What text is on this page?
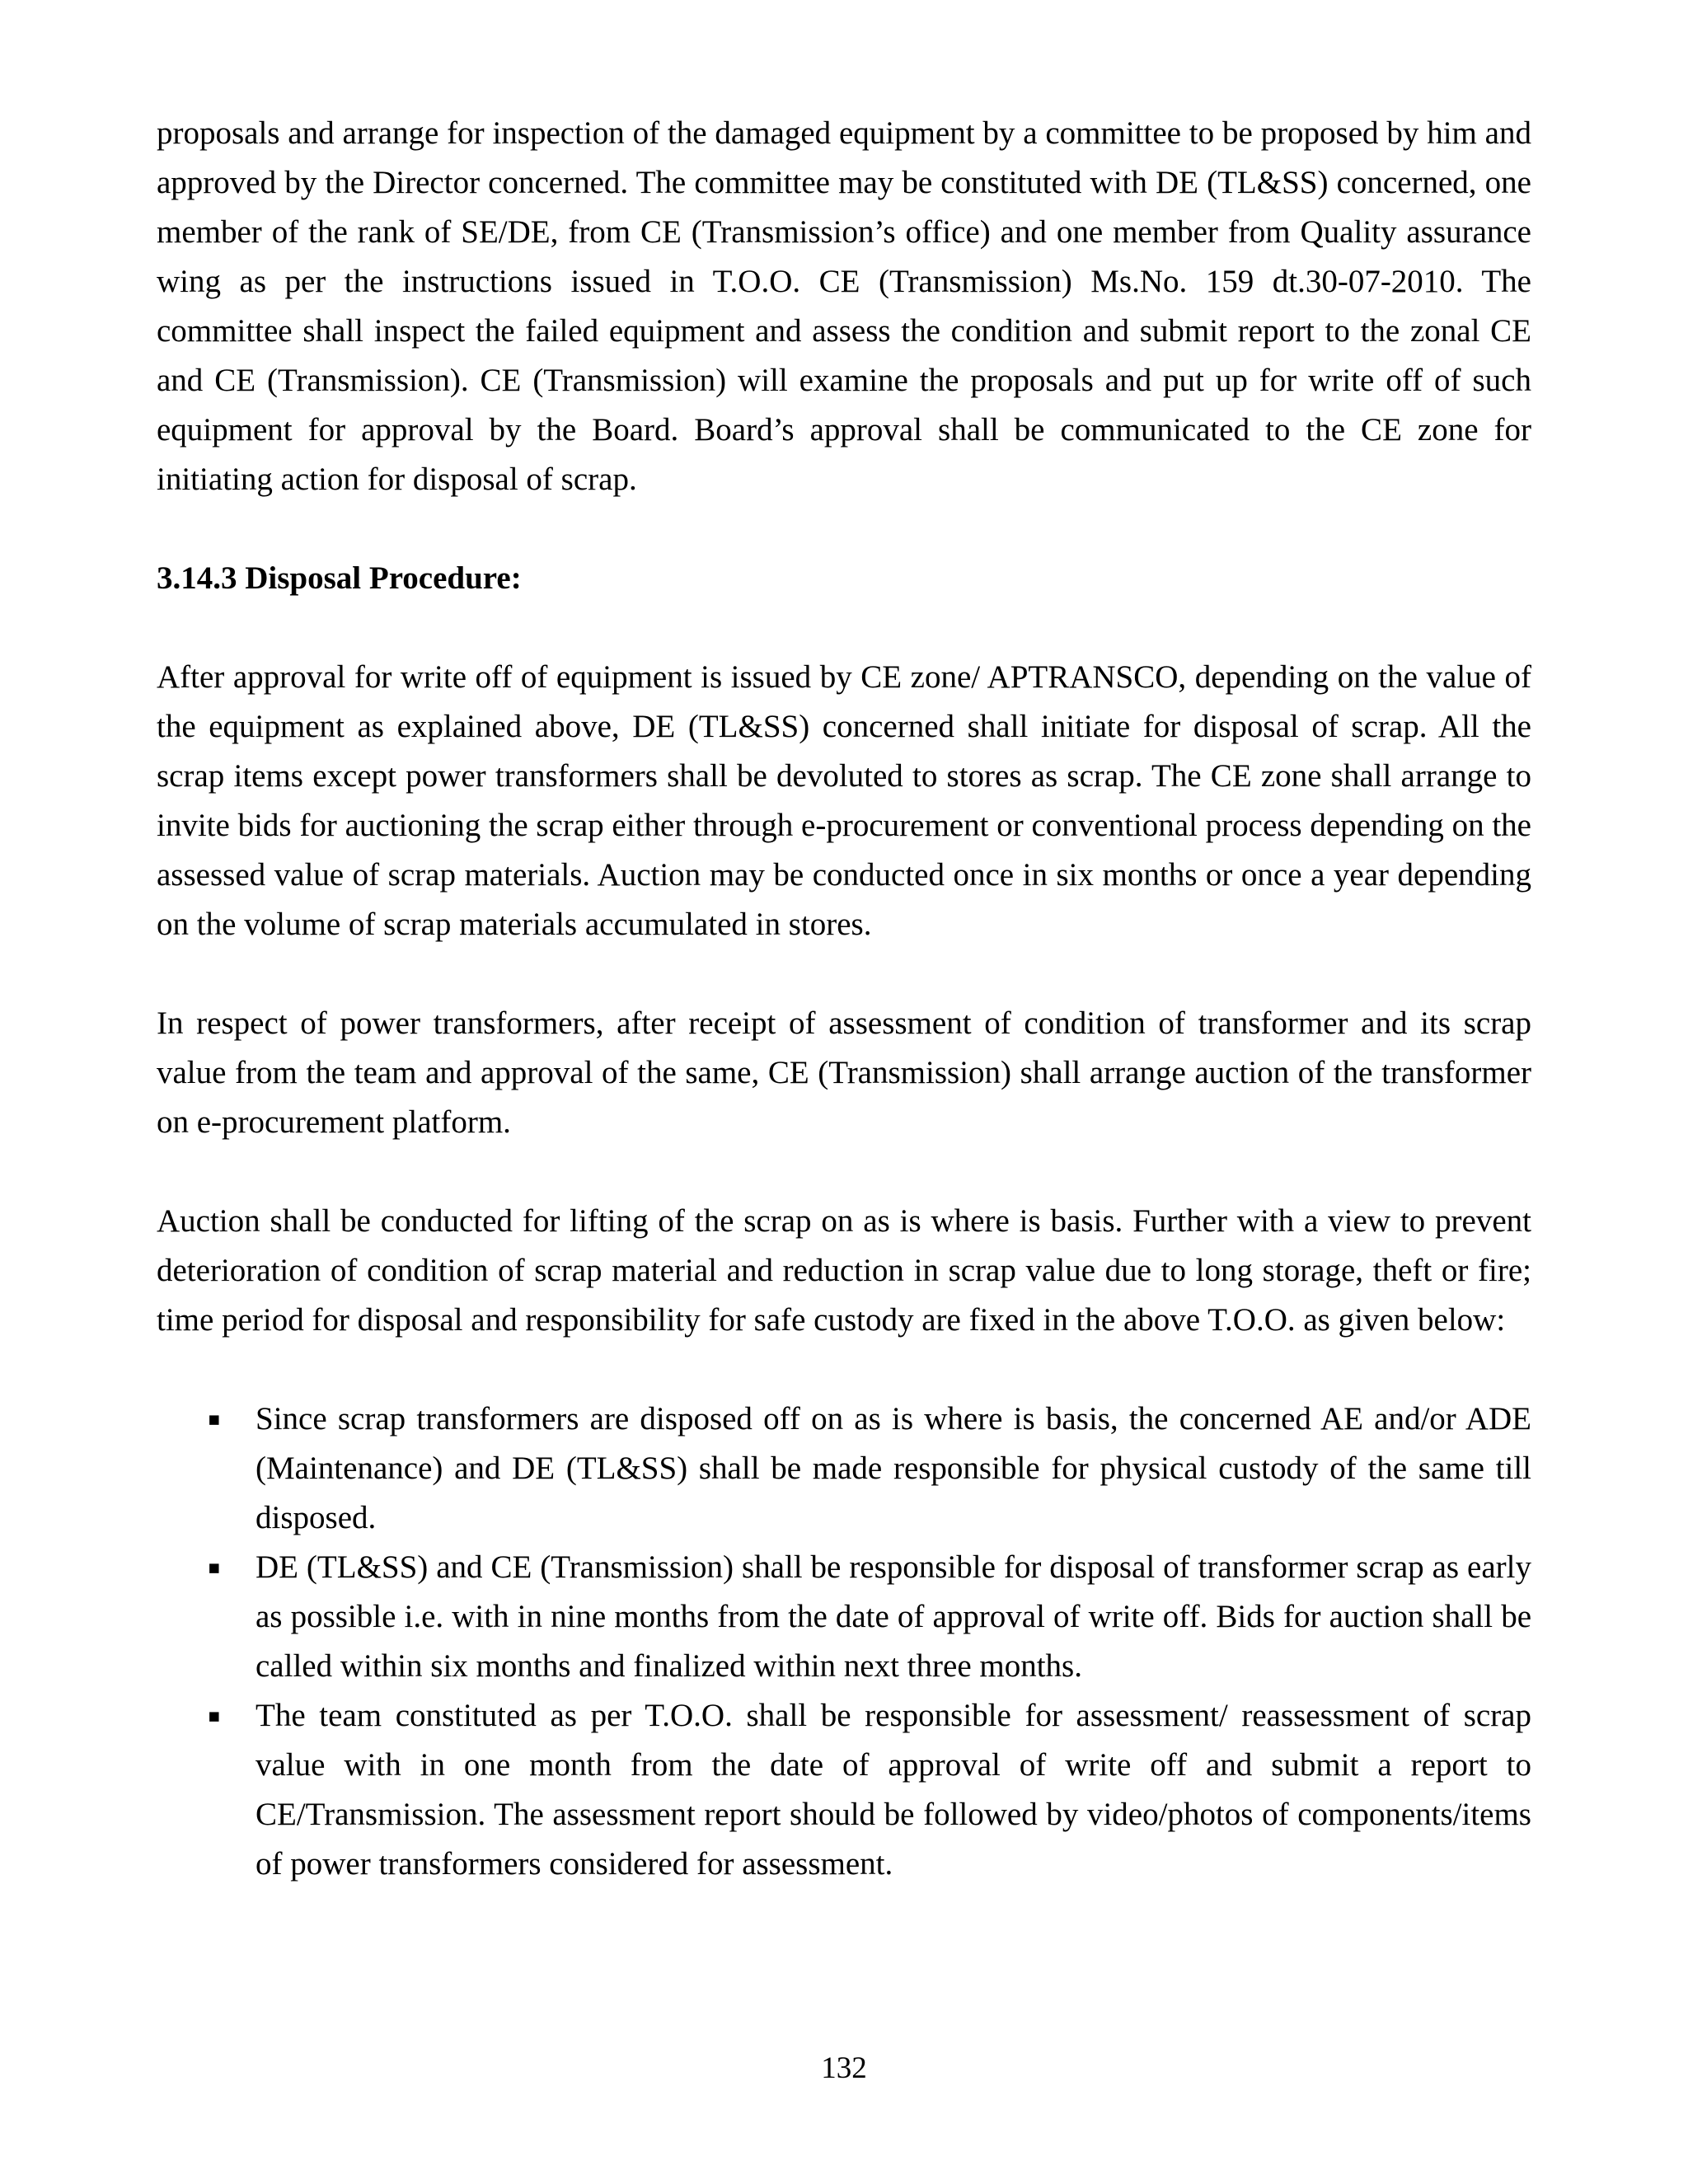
proposals and arrange for inspection of the damaged equipment by a committee to be proposed by him and approved by the Director concerned. The committee may be constituted with DE (TL&SS) concerned, one member of the rank of SE/DE, from CE (Transmission’s office) and one member from Quality assurance wing as per the instructions issued in T.O.O. CE (Transmission) Ms.No. 159 dt.30-07-2010. The committee shall inspect the failed equipment and assess the condition and submit report to the zonal CE and CE (Transmission). CE (Transmission) will examine the proposals and put up for write off of such equipment for approval by the Board. Board’s approval shall be communicated to the CE zone for initiating action for disposal of scrap.

3.14.3 Disposal Procedure:

After approval for write off of equipment is issued by CE zone/ APTRANSCO, depending on the value of the equipment as explained above, DE (TL&SS) concerned shall initiate for disposal of scrap. All the scrap items except power transformers shall be devoluted to stores as scrap. The CE zone shall arrange to invite bids for auctioning the scrap either through e-procurement or conventional process depending on the assessed value of scrap materials. Auction may be conducted once in six months or once a year depending on the volume of scrap materials accumulated in stores.

In respect of power transformers, after receipt of assessment of condition of transformer and its scrap value from the team and approval of the same, CE (Transmission) shall arrange auction of the transformer on e-procurement platform.

Auction shall be conducted for lifting of the scrap on as is where is basis. Further with a view to prevent deterioration of condition of scrap material and reduction in scrap value due to long storage, theft or fire; time period for disposal and responsibility for safe custody are fixed in the above T.O.O. as given below:

▪	Since scrap transformers are disposed off on as is where is basis, the concerned AE and/or ADE (Maintenance) and DE (TL&SS) shall be made responsible for physical custody of the same till disposed.
▪	DE (TL&SS) and CE (Transmission) shall be responsible for disposal of transformer scrap as early as possible i.e. with in nine months from the date of approval of write off. Bids for auction shall be called within six months and finalized within next three months.
▪	The team constituted as per T.O.O. shall be responsible for assessment/ reassessment of scrap value with in one month from the date of approval of write off and submit a report to CE/Transmission. The assessment report should be followed by video/photos of components/items of power transformers considered for assessment.
132
